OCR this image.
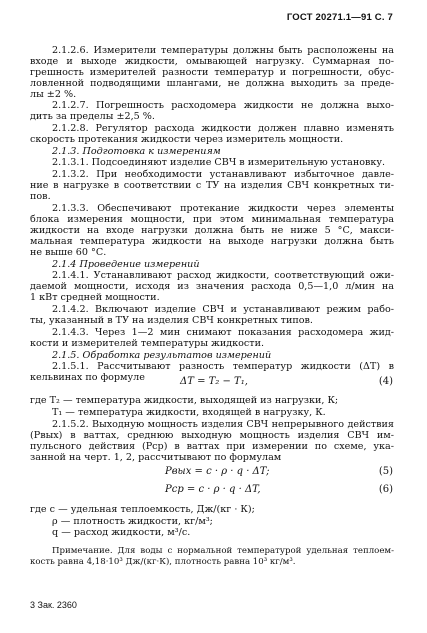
ГОСТ 20271.1—91 С. 7
2.1.2.6. Измерители температуры должны быть расположены на
входе и выходе жидкости, омывающей нагрузку. Суммарная по-
грешность измерителей разности температур и погрешности, обус-
ловленной подводящими шлангами, не должна выходить за преде-
лы ±2 %.
2.1.2.7. Погрешность расходомера жидкости не должна выхо-
дить за пределы ±2,5 %.
2.1.2.8. Регулятор расхода жидкости должен плавно изменять
скорость протекания жидкости через измеритель мощности.
2.1.3. Подготовка к измерениям
2.1.3.1. Подсоединяют изделие СВЧ в измерительную установку.
2.1.3.2. При необходимости устанавливают избыточное давле-
ние в нагрузке в соответствии с ТУ на изделия СВЧ конкретных ти-
пов.
2.1.3.3. Обеспечивают протекание жидкости через элементы
блока измерения мощности, при этом минимальная температура
жидкости на входе нагрузки должна быть не ниже 5 °С, макси-
мальная температура жидкости на выходе нагрузки должна быть
не выше 60 °С.
2.1.4 Проведение измерений
2.1.4.1. Устанавливают расход жидкости, соответствующий ожи-
даемой мощности, исходя из значения расхода 0,5—1,0 л/мин на
1 кВт средней мощности.
2.1.4.2. Включают изделие СВЧ и устанавливают режим рабо-
ты, указанный в ТУ на изделия СВЧ конкретных типов.
2.1.4.3. Через 1—2 мин снимают показания расходомера жид-
кости и измерителей температуры жидкости.
2.1.5. Обработка результатов измерений
2.1.5.1. Рассчитывают разность температур жидкости (ΔT) в
кельвинах по формуле
где T₂ — температура жидкости, выходящей из нагрузки, К;
T₁ — температура жидкости, входящей в нагрузку, К.
2.1.5.2. Выходную мощность изделия СВЧ непрерывного действия
(Pвых) в ваттах, среднюю выходную мощность изделия СВЧ им-
пульсного действия (Pср) в ваттах при измерении по схеме, ука-
занной на черт. 1, 2, рассчитывают по формулам
где c — удельная теплоемкость, Дж/(кг · К);
ρ — плотность жидкости, кг/м³;
q — расход жидкости, м³/с.
Примечание. Для воды с нормальной температурой удельная теплоем-
кость равна 4,18·10³ Дж/(кг·К), плотность равна 10³ кг/м³.
ΔT = T₂ − T₁,	(4)
Pвых = c · ρ · q · ΔT;	(5)
Pср = c · ρ · q · ΔT,	(6)
3 Зак. 2360
